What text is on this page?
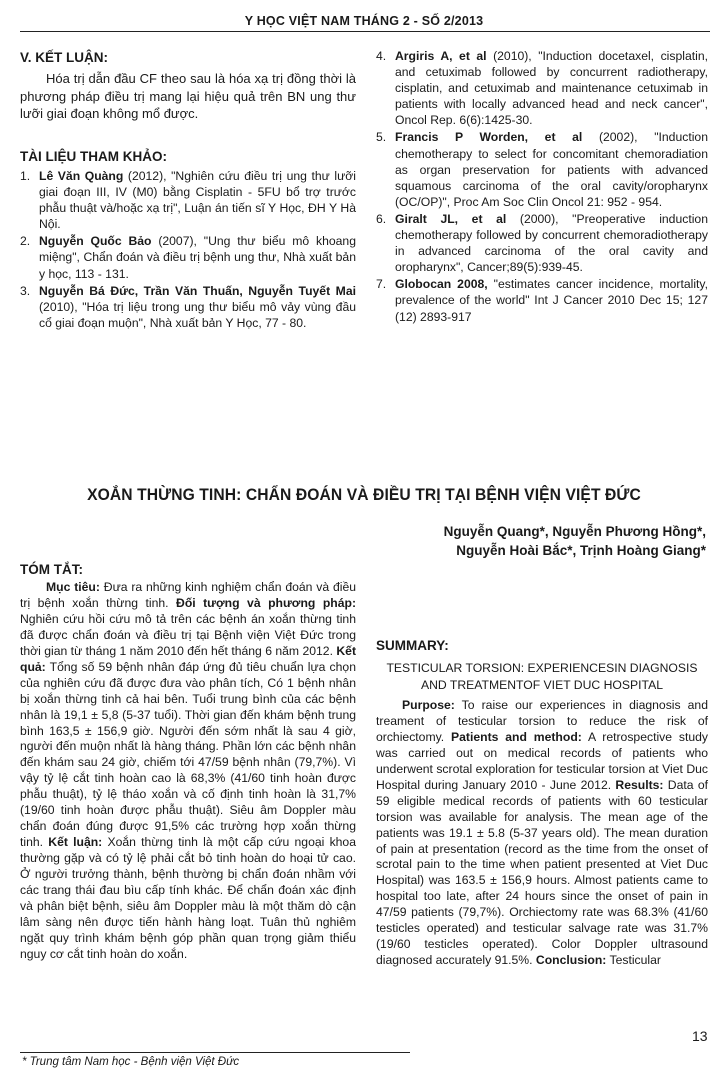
Y HỌC VIỆT NAM THÁNG 2 - SỐ 2/2013

V. KẾT LUẬN:

Hóa trị dẫn đầu CF theo sau là hóa xạ trị đồng thời là phương pháp điều trị mang lại hiệu quả trên BN ung thư lưỡi giai đoạn không mổ được.

TÀI LIỆU THAM KHẢO:

1. Lê Văn Quàng (2012), "Nghiên cứu điều trị ung thư lưỡi giai đoạn III, IV (M0) bằng Cisplatin - 5FU bổ trợ trước phẫu thuật và/hoặc xạ trị", Luận án tiến sĩ Y Học, ĐH Y Hà Nội.
2. Nguyễn Quốc Bảo (2007), "Ung thư biểu mô khoang miệng", Chẩn đoán và điều trị bệnh ung thư, Nhà xuất bản y học, 113 - 131.
3. Nguyễn Bá Đức, Trần Văn Thuấn, Nguyễn Tuyết Mai (2010), "Hóa trị liệu trong ung thư biểu mô vảy vùng đầu cổ giai đoạn muộn", Nhà xuất bản Y Học, 77 - 80.
4. Argiris A, et al (2010), "Induction docetaxel, cisplatin, and cetuximab followed by concurrent radiotherapy, cisplatin, and cetuximab and maintenance cetuximab in patients with locally advanced head and neck cancer", Oncol Rep. 6(6):1425-30.
5. Francis P Worden, et al (2002), "Induction chemotherapy to select for concomitant chemoradiation as organ preservation for patients with advanced squamous carcinoma of the oral cavity/oropharynx (OC/OP)", Proc Am Soc Clin Oncol 21: 952 - 954.
6. Giralt JL, et al (2000), "Preoperative induction chemotherapy followed by concurrent chemoradiotherapy in advanced carcinoma of the oral cavity and oropharynx", Cancer;89(5):939-45.
7. Globocan 2008, "estimates cancer incidence, mortality, prevalence of the world" Int J Cancer 2010 Dec 15; 127 (12) 2893-917
XOẮN THỪNG TINH: CHẨN ĐOÁN VÀ ĐIỀU TRỊ TẠI BỆNH VIỆN VIỆT ĐỨC
Nguyễn Quang*, Nguyễn Phương Hồng*,
Nguyễn Hoài Bắc*, Trịnh Hoàng Giang*

TÓM TẮT:

Mục tiêu: Đưa ra những kinh nghiệm chẩn đoán và điều trị bệnh xoắn thừng tinh. Đối tượng và phương pháp: Nghiên cứu hồi cứu mô tả trên các bệnh án xoắn thừng tinh đã được chẩn đoán và điều trị tại Bệnh viện Việt Đức trong thời gian từ tháng 1 năm 2010 đến hết tháng 6 năm 2012. Kết quả: Tổng số 59 bệnh nhân đáp ứng đủ tiêu chuẩn lựa chọn của nghiên cứu đã được đưa vào phân tích, Có 1 bệnh nhân bị xoắn thừng tinh cả hai bên. Tuổi trung bình của các bệnh nhân là 19,1 ± 5,8 (5-37 tuổi). Thời gian đến khám bệnh trung bình 163,5 ± 156,9 giờ. Người đến sớm nhất là sau 4 giờ, người đến muộn nhất là hàng tháng. Phần lớn các bệnh nhân đến khám sau 24 giờ, chiếm tới 47/59 bệnh nhân (79,7%). Vì vậy tỷ lệ cắt tinh hoàn cao là 68,3% (41/60 tinh hoàn được phẫu thuật), tỷ lệ tháo xoắn và cố định tinh hoàn là 31,7% (19/60 tinh hoàn được phẫu thuật). Siêu âm Doppler màu chẩn đoán đúng được 91,5% các trường hợp xoắn thừng tinh. Kết luận: Xoắn thừng tinh là một cấp cứu ngoại khoa thường gặp và có tỷ lệ phải cắt bỏ tinh hoàn do hoại tử cao. Ở người trưởng thành, bệnh thường bị chẩn đoán nhầm với các trang thái đau bìu cấp tính khác. Để chẩn đoán xác định và phân biệt bệnh, siêu âm Doppler màu là một thăm dò cận lâm sàng nên được tiến hành hàng loạt. Tuân thủ nghiêm ngặt quy trình khám bệnh góp phần quan trọng giảm thiểu nguy cơ cắt tinh hoàn do xoắn.

SUMMARY:

TESTICULAR TORSION: EXPERIENCESIN DIAGNOSIS
AND TREATMENTOF VIET DUC HOSPITAL

Purpose: To raise our experiences in diagnosis and treament of testicular torsion to reduce the risk of orchiectomy. Patients and method: A retrospective study was carried out on medical records of patients who underwent scrotal exploration for testicular torsion at Viet Duc Hospital during January 2010 - June 2012. Results: Data of 59 eligible medical records of patients with 60 testicular torsion was available for analysis. The mean age of the patients was 19.1 ± 5.8 (5-37 years old). The mean duration of pain at presentation (record as the time from the onset of scrotal pain to the time when patient presented at Viet Duc Hospital) was 163.5 ± 156,9 hours. Almost patients came to hospital too late, after 24 hours since the onset of pain in 47/59 patients (79,7%). Orchiectomy rate was 68.3% (41/60 testicles operated) and testicular salvage rate was 31.7% (19/60 testicles operated). Color Doppler ultrasound diagnosed accurately 91.5%. Conclusion: Testicular

13
* Trung tâm Nam học - Bệnh viện Việt Đức
